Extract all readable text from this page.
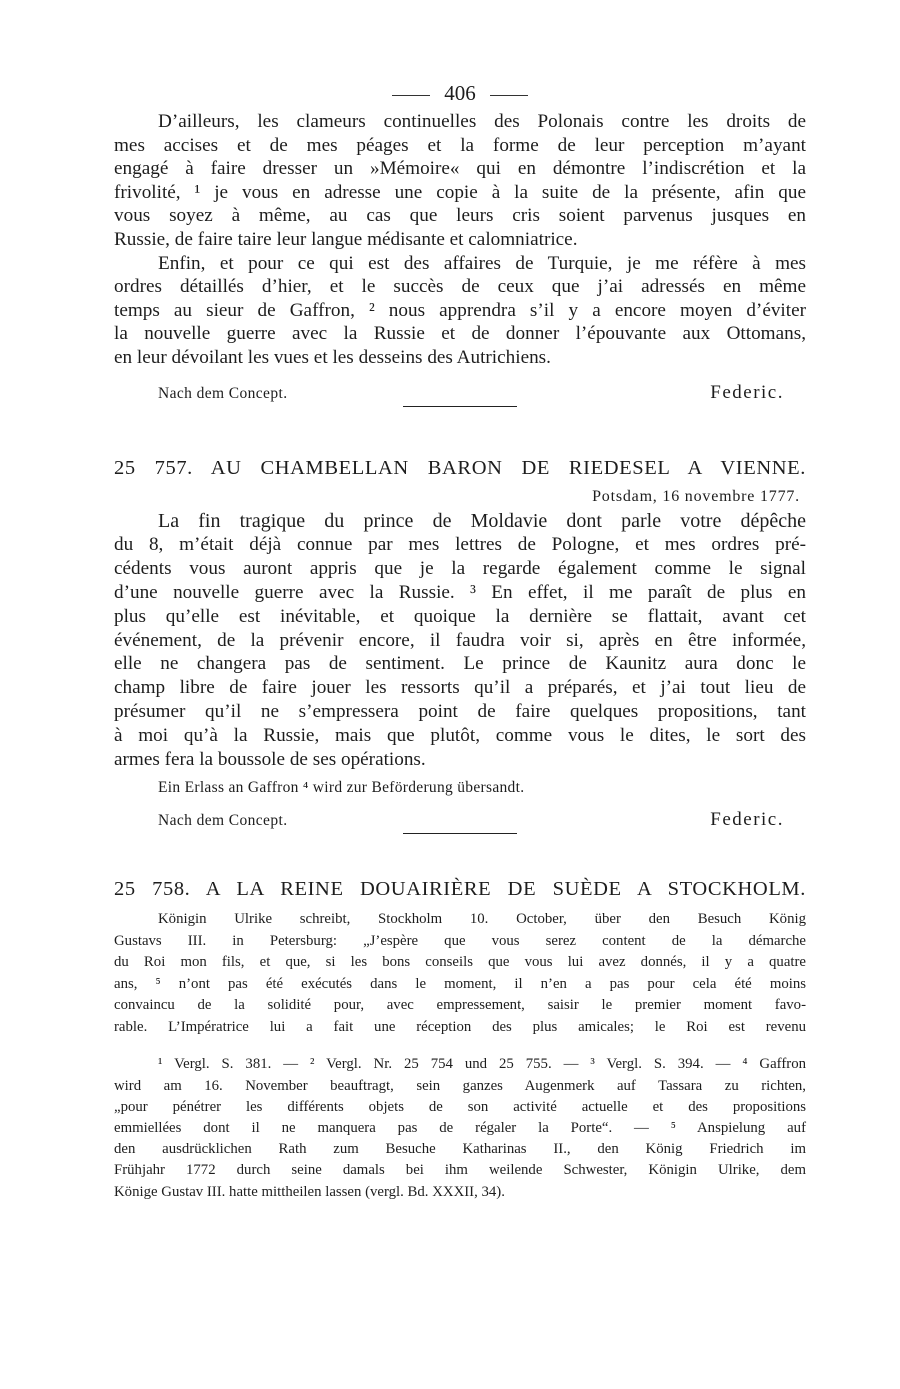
406
D’ailleurs, les clameurs continuelles des Polonais contre les droits de
mes accises et de mes péages et la forme de leur perception m’ayant
engagé à faire dresser un »Mémoire« qui en démontre l’indiscrétion et la
frivolité, ¹ je vous en adresse une copie à la suite de la présente, afin que
vous soyez à même, au cas que leurs cris soient parvenus jusques en
Russie, de faire taire leur langue médisante et calomniatrice.
Enfin, et pour ce qui est des affaires de Turquie, je me réfère à mes
ordres détaillés d’hier, et le succès de ceux que j’ai adressés en même
temps au sieur de Gaffron, ² nous apprendra s’il y a encore moyen d’éviter
la nouvelle guerre avec la Russie et de donner l’épouvante aux Ottomans,
en leur dévoilant les vues et les desseins des Autrichiens.
Nach dem Concept.	Federic.
25 757. AU CHAMBELLAN BARON DE RIEDESEL A VIENNE.
Potsdam, 16 novembre 1777.
La fin tragique du prince de Moldavie dont parle votre dépêche
du 8, m’était déjà connue par mes lettres de Pologne, et mes ordres pré-
cédents vous auront appris que je la regarde également comme le signal
d’une nouvelle guerre avec la Russie. ³ En effet, il me paraît de plus en
plus qu’elle est inévitable, et quoique la dernière se flattait, avant cet
événement, de la prévenir encore, il faudra voir si, après en être informée,
elle ne changera pas de sentiment. Le prince de Kaunitz aura donc le
champ libre de faire jouer les ressorts qu’il a préparés, et j’ai tout lieu de
présumer qu’il ne s’empressera point de faire quelques propositions, tant
à moi qu’à la Russie, mais que plutôt, comme vous le dites, le sort des
armes fera la boussole de ses opérations.
Ein Erlass an Gaffron ⁴ wird zur Beförderung übersandt.
Nach dem Concept.	Federic.
25 758. A LA REINE DOUAIRIÈRE DE SUÈDE A STOCKHOLM.
Königin Ulrike schreibt, Stockholm 10. October, über den Besuch König
Gustavs III. in Petersburg: „J’espère que vous serez content de la démarche
du Roi mon fils, et que, si les bons conseils que vous lui avez donnés, il y a quatre
ans, ⁵ n’ont pas été exécutés dans le moment, il n’en a pas pour cela été moins
convaincu de la solidité pour, avec empressement, saisir le premier moment favo-
rable. L’Impératrice lui a fait une réception des plus amicales; le Roi est revenu
¹ Vergl. S. 381. — ² Vergl. Nr. 25 754 und 25 755. — ³ Vergl. S. 394. — ⁴ Gaffron
wird am 16. November beauftragt, sein ganzes Augenmerk auf Tassara zu richten,
„pour pénétrer les différents objets de son activité actuelle et des propositions
emmiellées dont il ne manquera pas de régaler la Porte“. — ⁵ Anspielung auf
den ausdrücklichen Rath zum Besuche Katharinas II., den König Friedrich im
Frühjahr 1772 durch seine damals bei ihm weilende Schwester, Königin Ulrike, dem
Könige Gustav III. hatte mittheilen lassen (vergl. Bd. XXXII, 34).
